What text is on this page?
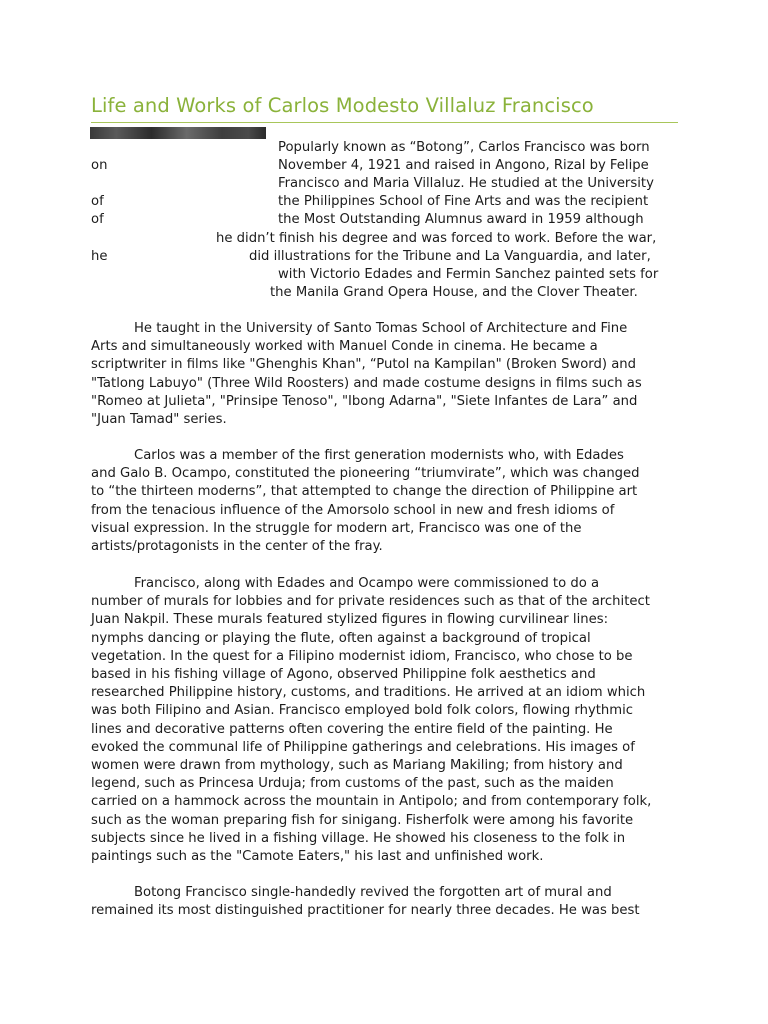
Life and Works of Carlos Modesto Villaluz Francisco
Popularly known as “Botong”, Carlos Francisco was born
on	November 4, 1921 and raised in Angono, Rizal by Felipe
Francisco and Maria Villaluz. He studied at the University
of	the Philippines School of Fine Arts and was the recipient
of	the Most Outstanding Alumnus award in 1959 although
he didn’t finish his degree and was forced to work. Before the war,
he	did illustrations for the Tribune and La Vanguardia, and later,
with Victorio Edades and Fermin Sanchez painted sets for
the Manila Grand Opera House, and the Clover Theater.
He taught in the University of Santo Tomas School of Architecture and Fine
Arts and simultaneously worked with Manuel Conde in cinema. He became a
scriptwriter in films like "Ghenghis Khan", “Putol na Kampilan" (Broken Sword) and
"Tatlong Labuyo" (Three Wild Roosters) and made costume designs in films such as
"Romeo at Julieta", "Prinsipe Tenoso", "Ibong Adarna", "Siete Infantes de Lara” and
"Juan Tamad" series.
Carlos was a member of the first generation modernists who, with Edades
and Galo B. Ocampo, constituted the pioneering “triumvirate”, which was changed
to “the thirteen moderns”, that attempted to change the direction of Philippine art
from the tenacious influence of the Amorsolo school in new and fresh idioms of
visual expression. In the struggle for modern art, Francisco was one of the
artists/protagonists in the center of the fray.
Francisco, along with Edades and Ocampo were commissioned to do a
number of murals for lobbies and for private residences such as that of the architect
Juan Nakpil. These murals featured stylized figures in flowing curvilinear lines:
nymphs dancing or playing the flute, often against a background of tropical
vegetation. In the quest for a Filipino modernist idiom, Francisco, who chose to be
based in his fishing village of Agono, observed Philippine folk aesthetics and
researched Philippine history, customs, and traditions. He arrived at an idiom which
was both Filipino and Asian. Francisco employed bold folk colors, flowing rhythmic
lines and decorative patterns often covering the entire field of the painting. He
evoked the communal life of Philippine gatherings and celebrations. His images of
women were drawn from mythology, such as Mariang Makiling; from history and
legend, such as Princesa Urduja; from customs of the past, such as the maiden
carried on a hammock across the mountain in Antipolo; and from contemporary folk,
such as the woman preparing fish for sinigang. Fisherfolk were among his favorite
subjects since he lived in a fishing village. He showed his closeness to the folk in
paintings such as the "Camote Eaters," his last and unfinished work.
Botong Francisco single-handedly revived the forgotten art of mural and
remained its most distinguished practitioner for nearly three decades. He was best
